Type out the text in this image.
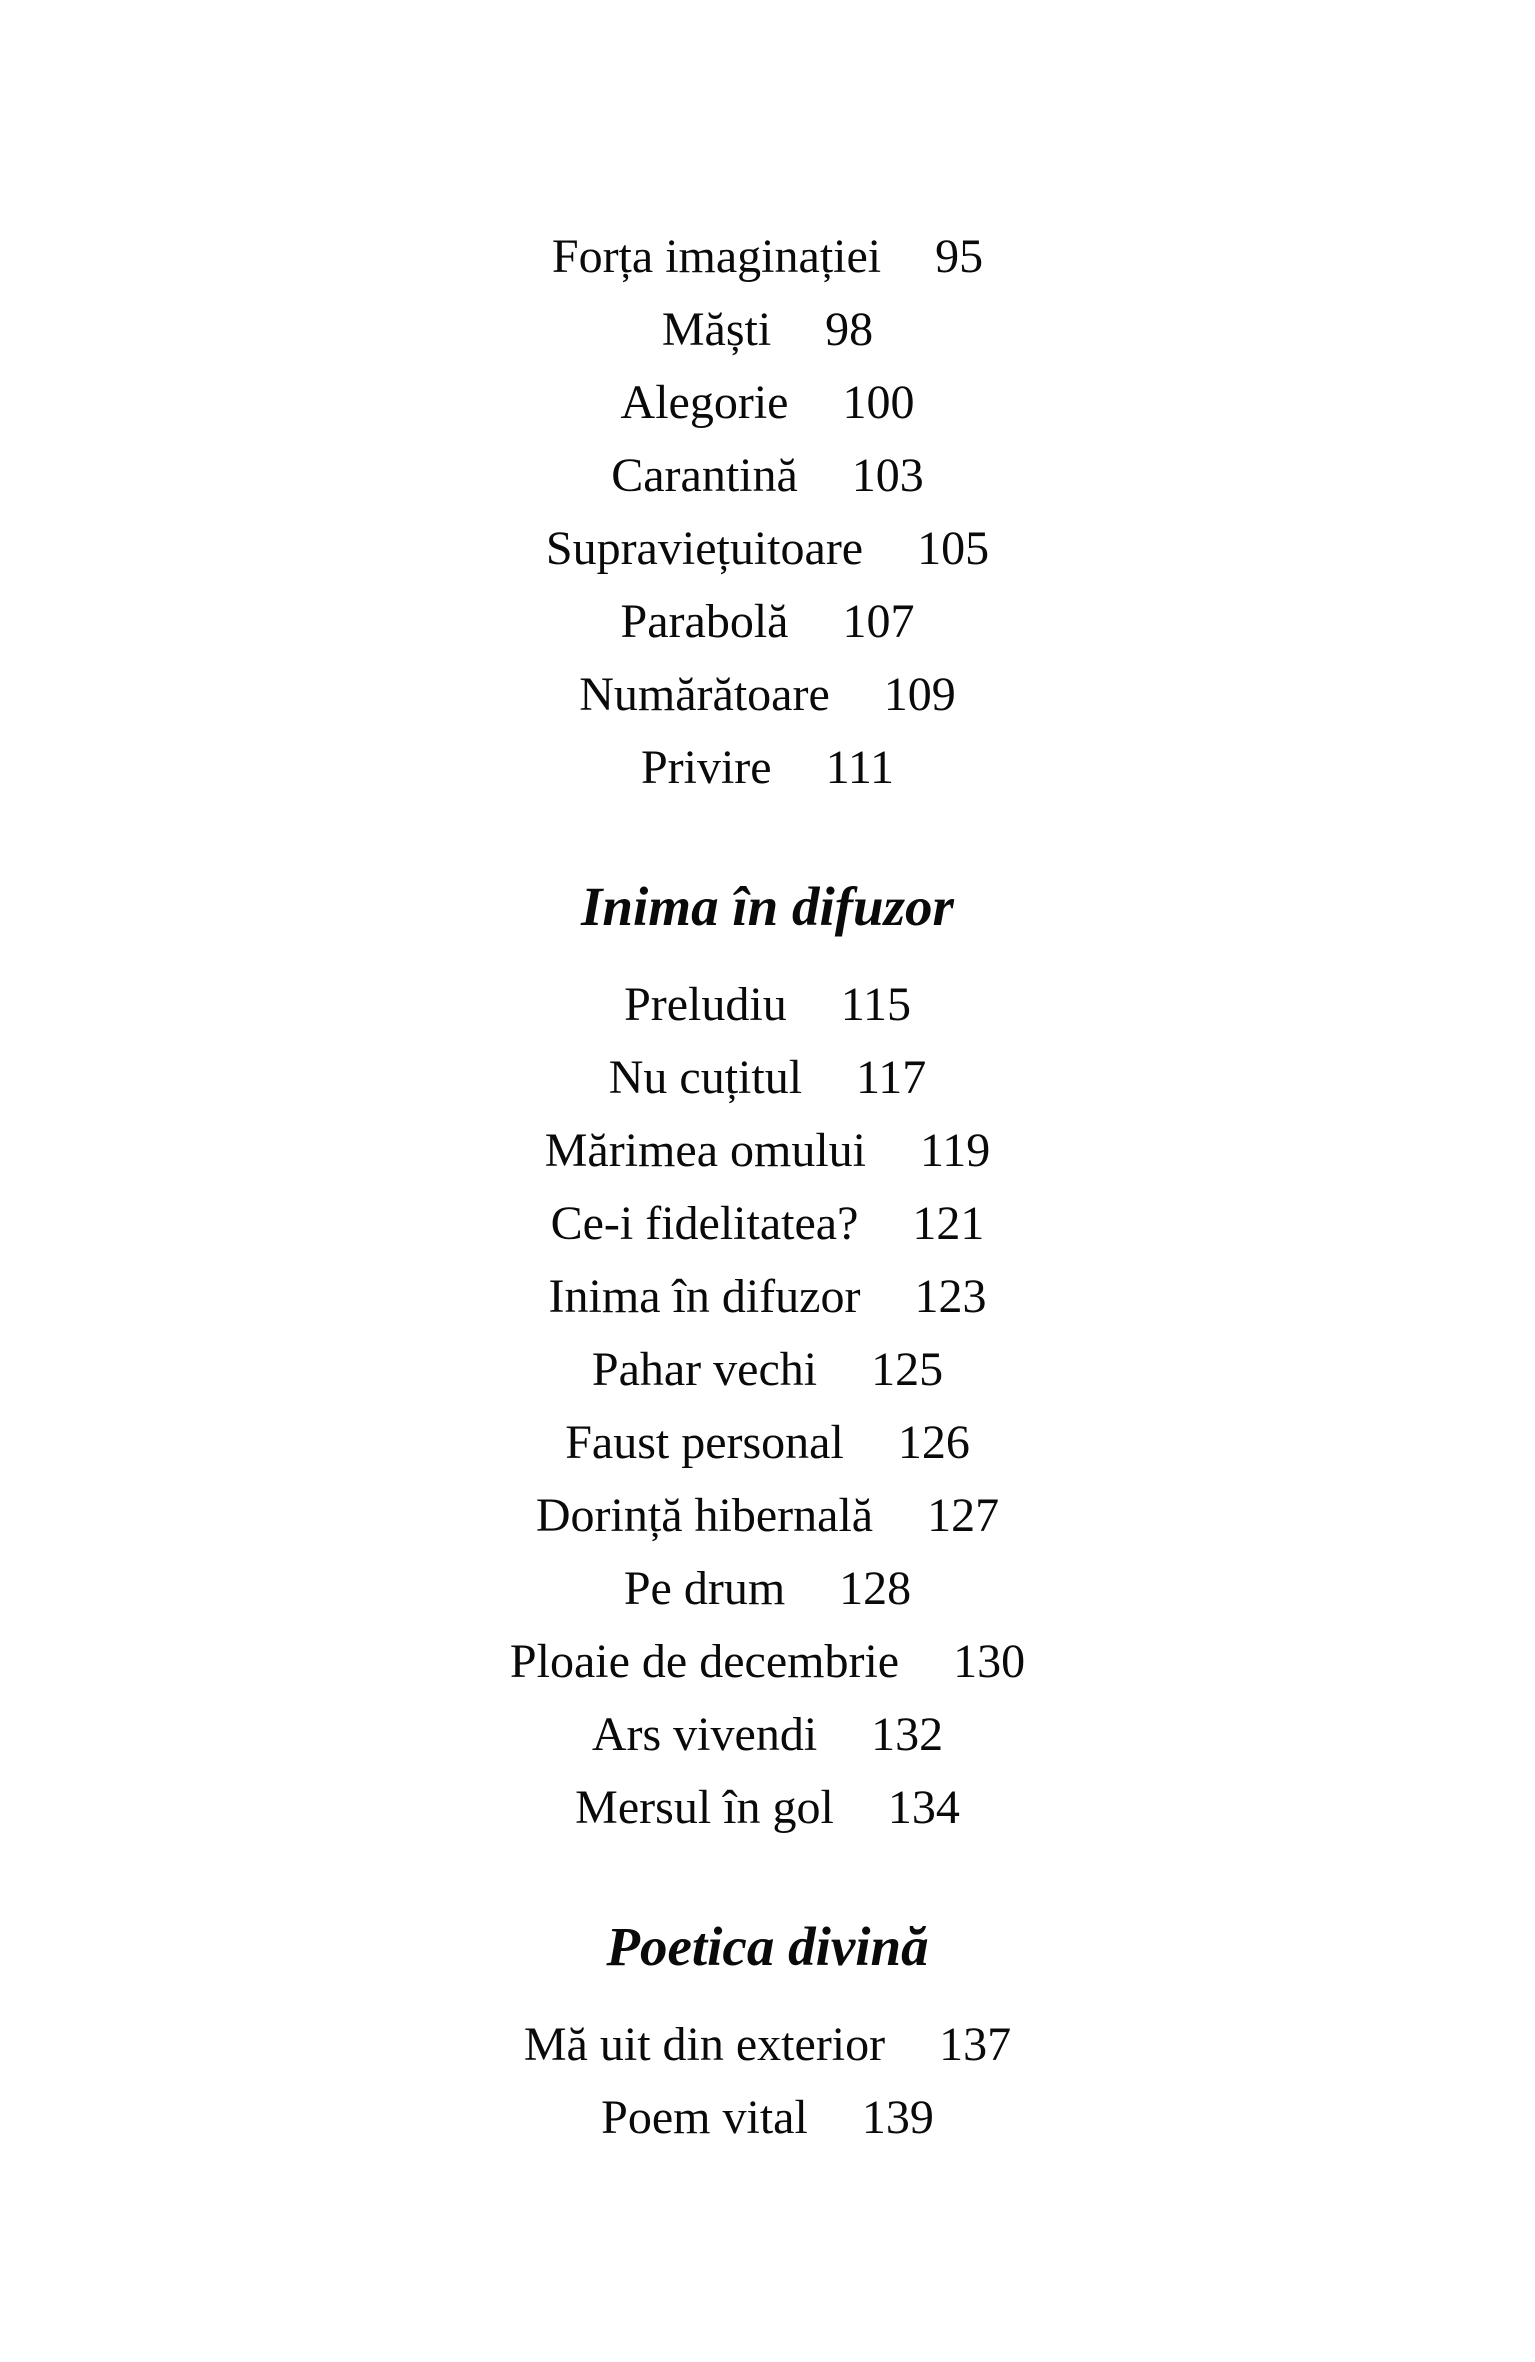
Forța imaginației 95
Măști 98
Alegorie 100
Carantină 103
Supraviețuitoare 105
Parabolă 107
Numărătoare 109
Privire 111
Inima în difuzor
Preludiu 115
Nu cuțitul 117
Mărimea omului 119
Ce-i fidelitatea? 121
Inima în difuzor 123
Pahar vechi 125
Faust personal 126
Dorință hibernală 127
Pe drum 128
Ploaie de decembrie 130
Ars vivendi 132
Mersul în gol 134
Poetica divină
Mă uit din exterior 137
Poem vital 139
